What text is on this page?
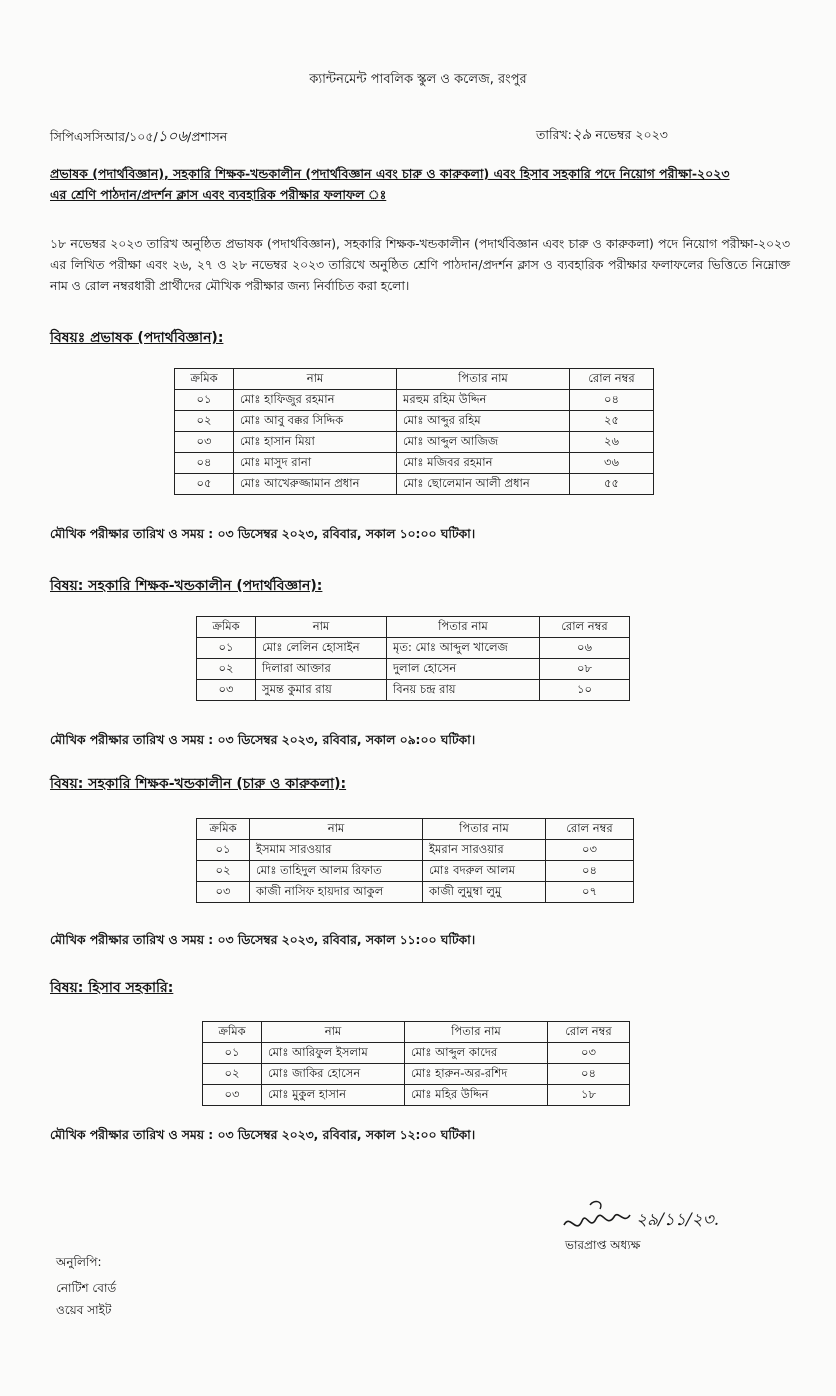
ক্যান্টনমেন্ট পাবলিক স্কুল ও কলেজ, রংপুর
সিপিএসসিআর/১০৫/১০৬/প্রশাসন	তারিখ:২৯ নভেম্বর ২০২৩
প্রভাষক (পদার্থবিজ্ঞান), সহকারি শিক্ষক-খন্ডকালীন (পদার্থবিজ্ঞান এবং চারু ও কারুকলা) এবং হিসাব সহকারি পদে নিয়োগ পরীক্ষা-২০২৩ এর শ্রেণি পাঠদান/প্রদর্শন ক্লাস এবং ব্যবহারিক পরীক্ষার ফলাফল ঃ
১৮ নভেম্বর ২০২৩ তারিখ অনুষ্ঠিত প্রভাষক (পদার্থবিজ্ঞান), সহকারি শিক্ষক-খন্ডকালীন (পদার্থবিজ্ঞান এবং চারু ও কারুকলা) পদে নিয়োগ পরীক্ষা-২০২৩ এর লিখিত পরীক্ষা এবং ২৬, ২৭ ও ২৮ নভেম্বর ২০২৩ তারিখে অনুষ্ঠিত শ্রেণি পাঠদান/প্রদর্শন ক্লাস ও ব্যবহারিক পরীক্ষার ফলাফলের ভিত্তিতে নিম্নোক্ত নাম ও রোল নম্বরধারী প্রার্থীদের মৌখিক পরীক্ষার জন্য নির্বাচিত করা হলো।
বিষয়ঃ প্রভাষক (পদার্থবিজ্ঞান):
ক্রমিক	নাম	পিতার নাম	রোল নম্বর
০১	মোঃ হাফিজুর রহমান	মরহুম রহিম উদ্দিন	০৪
০২	মোঃ আবু বক্কর সিদ্দিক	মোঃ আব্দুর রহিম	২৫
০৩	মোঃ হাসান মিয়া	মোঃ আব্দুল আজিজ	২৬
০৪	মোঃ মাসুদ রানা	মোঃ মজিবর রহমান	৩৬
০৫	মোঃ আখেরুজ্জামান প্রধান	মোঃ ছোলেমান আলী প্রধান	৫৫
মৌখিক পরীক্ষার তারিখ ও সময় : ০৩ ডিসেম্বর ২০২৩, রবিবার, সকাল ১০:০০ ঘটিকা।
বিষয়: সহকারি শিক্ষক-খন্ডকালীন (পদার্থবিজ্ঞান):
ক্রমিক	নাম	পিতার নাম	রোল নম্বর
০১	মোঃ লেলিন হোসাইন	মৃত: মোঃ আব্দুল খালেজ	০৬
০২	দিলারা আক্তার	দুলাল হোসেন	০৮
০৩	সুমন্ত কুমার রায়	বিনয় চন্দ্র রায়	১০
মৌখিক পরীক্ষার তারিখ ও সময় : ০৩ ডিসেম্বর ২০২৩, রবিবার, সকাল ০৯:০০ ঘটিকা।
বিষয়: সহকারি শিক্ষক-খন্ডকালীন (চারু ও কারুকলা):
ক্রমিক	নাম	পিতার নাম	রোল নম্বর
০১	ইসমাম সারওয়ার	ইমরান সারওয়ার	০৩
০২	মোঃ তাহিদুল আলম রিফাত	মোঃ বদরুল আলম	০৪
০৩	কাজী নাসিফ হায়দার আকুল	কাজী লুমুম্বা লুমু	০৭
মৌখিক পরীক্ষার তারিখ ও সময় : ০৩ ডিসেম্বর ২০২৩, রবিবার, সকাল ১১:০০ ঘটিকা।
বিষয়: হিসাব সহকারি:
ক্রমিক	নাম	পিতার নাম	রোল নম্বর
০১	মোঃ আরিফুল ইসলাম	মোঃ আব্দুল কাদের	০৩
০২	মোঃ জাকির হোসেন	মোঃ হারুন-অর-রশিদ	০৪
০৩	মোঃ মুকুল হাসান	মোঃ মহির উদ্দিন	১৮
মৌখিক পরীক্ষার তারিখ ও সময় : ০৩ ডিসেম্বর ২০২৩, রবিবার, সকাল ১২:০০ ঘটিকা।
২৯/১১/২৩.
ভারপ্রাপ্ত অধ্যক্ষ
অনুলিপি:
নোটিশ বোর্ড
ওয়েব সাইট
